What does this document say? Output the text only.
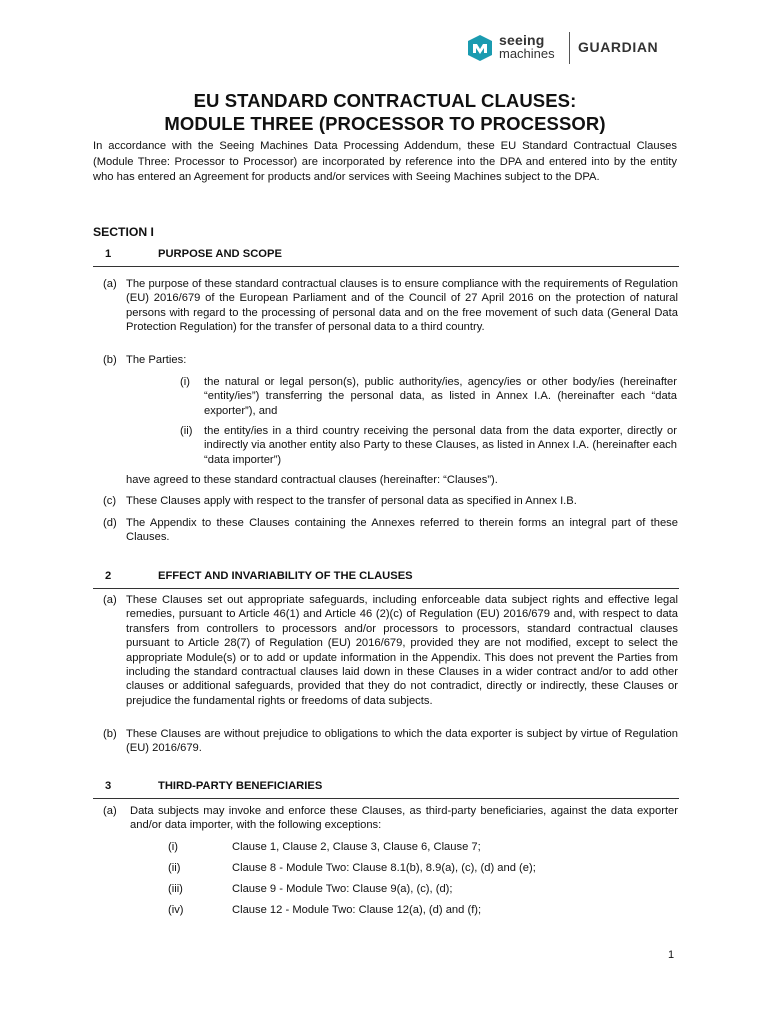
seeing
machines GUARDIAN
EU STANDARD CONTRACTUAL CLAUSES:
MODULE THREE (PROCESSOR TO PROCESSOR)
In accordance with the Seeing Machines Data Processing Addendum, these EU Standard Contractual Clauses (Module Three: Processor to Processor) are incorporated by reference into the DPA and entered into by the entity who has entered an Agreement for products and/or services with Seeing Machines subject to the DPA.
SECTION I
1	PURPOSE AND SCOPE
(a) The purpose of these standard contractual clauses is to ensure compliance with the requirements of Regulation (EU) 2016/679 of the European Parliament and of the Council of 27 April 2016 on the protection of natural persons with regard to the processing of personal data and on the free movement of such data (General Data Protection Regulation) for the transfer of personal data to a third country.
(b) The Parties:
(i) the natural or legal person(s), public authority/ies, agency/ies or other body/ies (hereinafter “entity/ies”) transferring the personal data, as listed in Annex I.A. (hereinafter each “data exporter”), and
(ii) the entity/ies in a third country receiving the personal data from the data exporter, directly or indirectly via another entity also Party to these Clauses, as listed in Annex I.A. (hereinafter each “data importer”)
have agreed to these standard contractual clauses (hereinafter: “Clauses”).
(c) These Clauses apply with respect to the transfer of personal data as specified in Annex I.B.
(d) The Appendix to these Clauses containing the Annexes referred to therein forms an integral part of these Clauses.
2	EFFECT AND INVARIABILITY OF THE CLAUSES
(a) These Clauses set out appropriate safeguards, including enforceable data subject rights and effective legal remedies, pursuant to Article 46(1) and Article 46 (2)(c) of Regulation (EU) 2016/679 and, with respect to data transfers from controllers to processors and/or processors to processors, standard contractual clauses pursuant to Article 28(7) of Regulation (EU) 2016/679, provided they are not modified, except to select the appropriate Module(s) or to add or update information in the Appendix. This does not prevent the Parties from including the standard contractual clauses laid down in these Clauses in a wider contract and/or to add other clauses or additional safeguards, provided that they do not contradict, directly or indirectly, these Clauses or prejudice the fundamental rights or freedoms of data subjects.
(b) These Clauses are without prejudice to obligations to which the data exporter is subject by virtue of Regulation (EU) 2016/679.
3	THIRD-PARTY BENEFICIARIES
(a) Data subjects may invoke and enforce these Clauses, as third-party beneficiaries, against the data exporter and/or data importer, with the following exceptions:
(i)	Clause 1, Clause 2, Clause 3, Clause 6, Clause 7;
(ii)	Clause 8 - Module Two: Clause 8.1(b), 8.9(a), (c), (d) and (e);
(iii)	Clause 9 - Module Two: Clause 9(a), (c), (d);
(iv)	Clause 12 - Module Two: Clause 12(a), (d) and (f);
1
